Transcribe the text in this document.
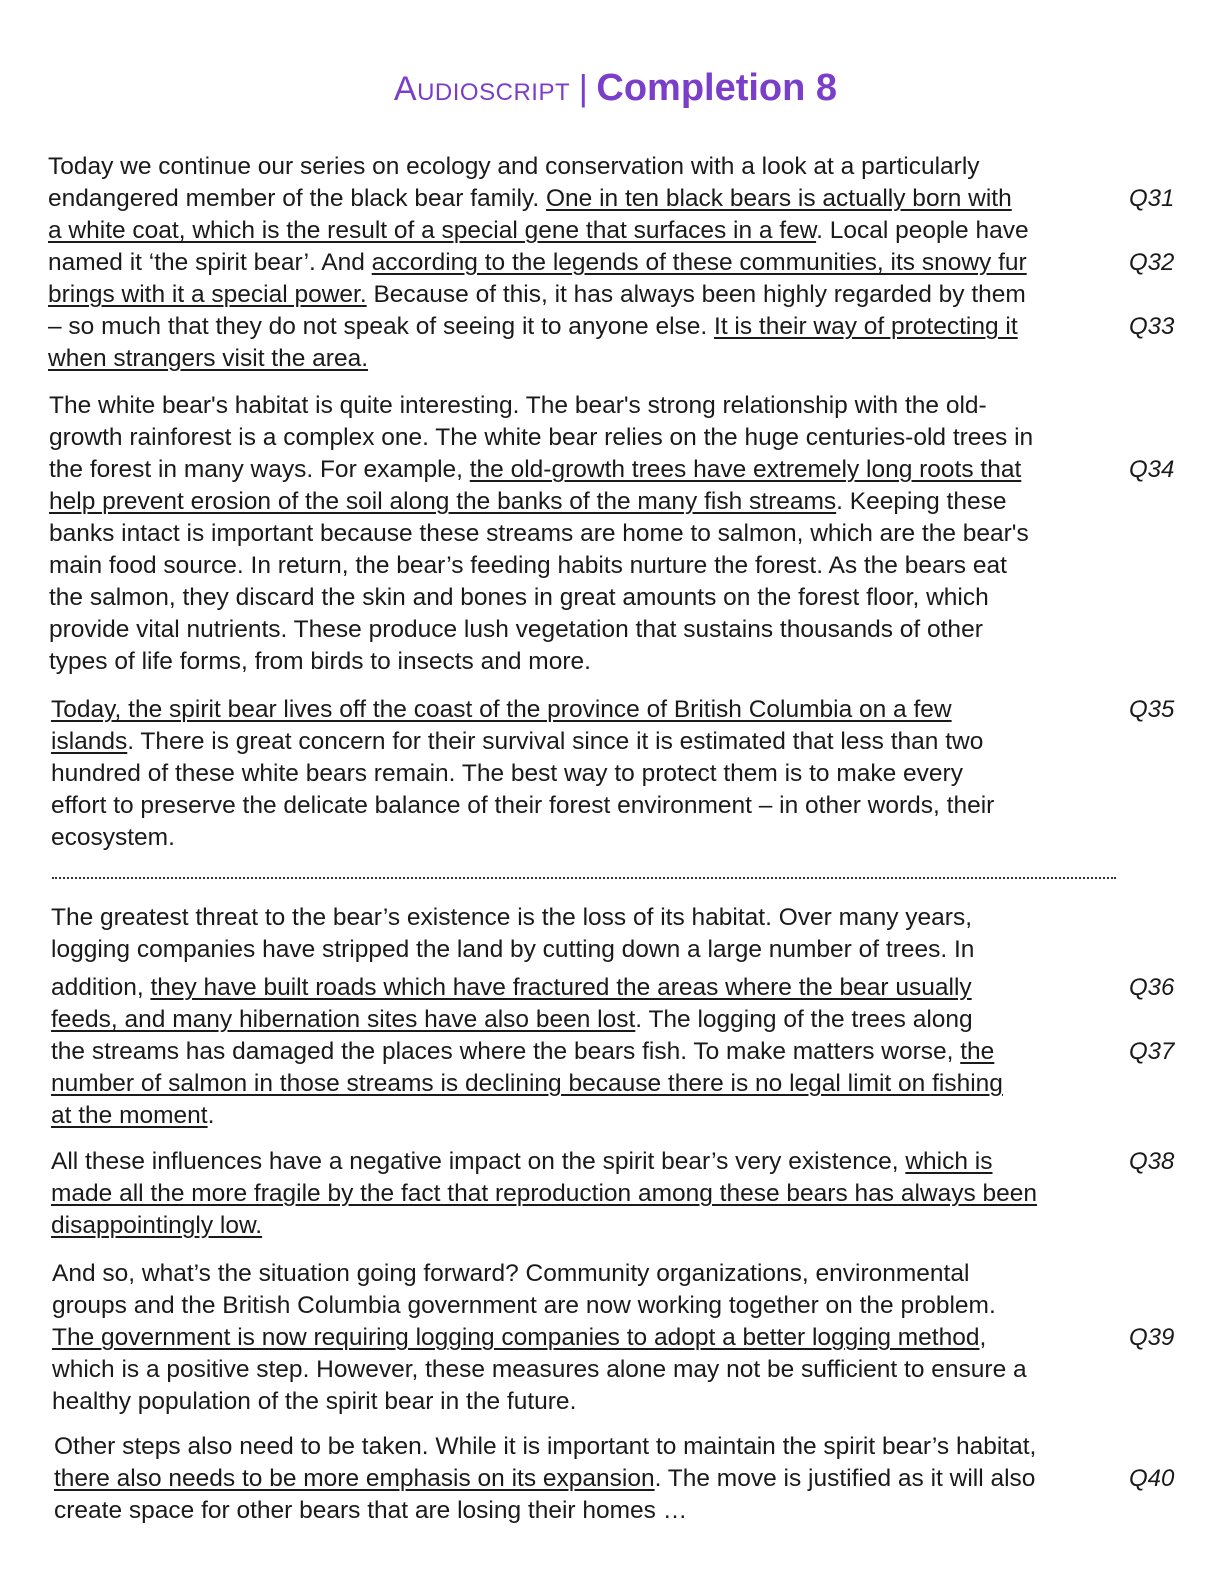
Audioscript | Completion 8
Today we continue our series on ecology and conservation with a look at a particularly
endangered member of the black bear family. One in ten black bears is actually born with
a white coat, which is the result of a special gene that surfaces in a few. Local people have
named it ‘the spirit bear’. And according to the legends of these communities, its snowy fur
brings with it a special power. Because of this, it has always been highly regarded by them
– so much that they do not speak of seeing it to anyone else. It is their way of protecting it
when strangers visit the area.
The white bear's habitat is quite interesting. The bear's strong relationship with the old-
growth rainforest is a complex one. The white bear relies on the huge centuries-old trees in
the forest in many ways. For example, the old-growth trees have extremely long roots that
help prevent erosion of the soil along the banks of the many fish streams. Keeping these
banks intact is important because these streams are home to salmon, which are the bear's
main food source. In return, the bear’s feeding habits nurture the forest. As the bears eat
the salmon, they discard the skin and bones in great amounts on the forest floor, which
provide vital nutrients. These produce lush vegetation that sustains thousands of other
types of life forms, from birds to insects and more.
Today, the spirit bear lives off the coast of the province of British Columbia on a few
islands. There is great concern for their survival since it is estimated that less than two
hundred of these white bears remain. The best way to protect them is to make every
effort to preserve the delicate balance of their forest environment – in other words, their
ecosystem.
The greatest threat to the bear’s existence is the loss of its habitat. Over many years,
logging companies have stripped the land by cutting down a large number of trees. In
addition, they have built roads which have fractured the areas where the bear usually
feeds, and many hibernation sites have also been lost. The logging of the trees along
the streams has damaged the places where the bears fish. To make matters worse, the
number of salmon in those streams is declining because there is no legal limit on fishing
at the moment.
All these influences have a negative impact on the spirit bear’s very existence, which is
made all the more fragile by the fact that reproduction among these bears has always been
disappointingly low.
And so, what’s the situation going forward? Community organizations, environmental
groups and the British Columbia government are now working together on the problem.
The government is now requiring logging companies to adopt a better logging method,
which is a positive step. However, these measures alone may not be sufficient to ensure a
healthy population of the spirit bear in the future.
Other steps also need to be taken. While it is important to maintain the spirit bear’s habitat,
there also needs to be more emphasis on its expansion. The move is justified as it will also
create space for other bears that are losing their homes …
Q31
Q32
Q33
Q34
Q35
Q36
Q37
Q38
Q39
Q40
